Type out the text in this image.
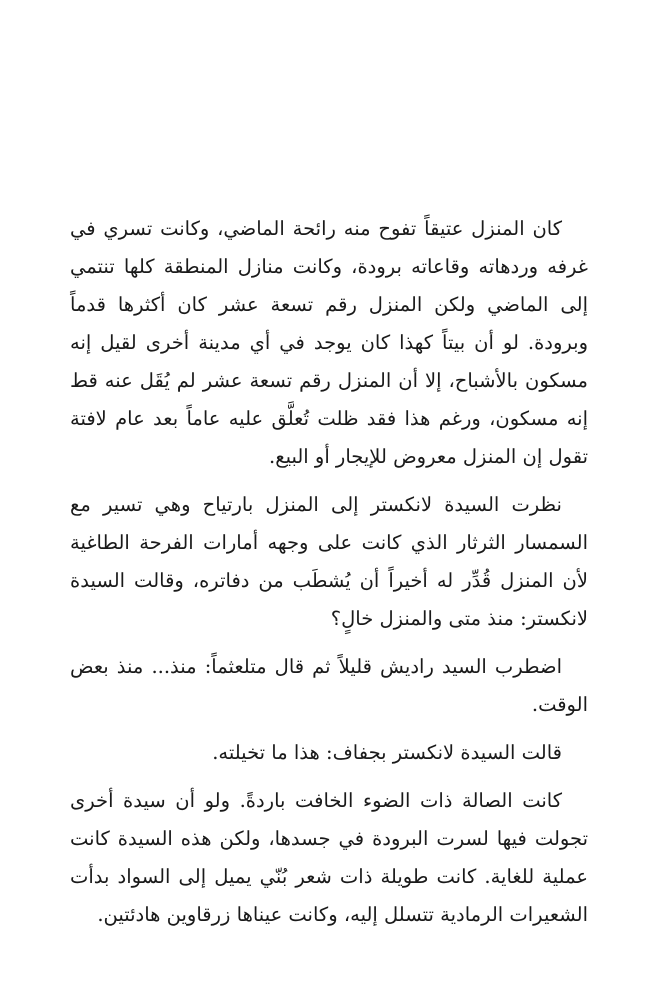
كان المنزل عتيقاً تفوح منه رائحة الماضي، وكانت تسري في غرفه وردهاته وقاعاته برودة، وكانت منازل المنطقة كلها تنتمي إلى الماضي ولكن المنزل رقم تسعة عشر كان أكثرها قدماً وبرودة. لو أن بيتاً كهذا كان يوجد في أي مدينة أخرى لقيل إنه مسكون بالأشباح، إلا أن المنزل رقم تسعة عشر لم يُقَل عنه قط إنه مسكون، ورغم هذا فقد ظلت تُعلَّق عليه عاماً بعد عام لافتة تقول إن المنزل معروض للإيجار أو البيع.

نظرت السيدة لانكستر إلى المنزل بارتياح وهي تسير مع السمسار الثرثار الذي كانت على وجهه أمارات الفرحة الطاغية لأن المنزل قُدِّر له أخيراً أن يُشطَب من دفاتره، وقالت السيدة لانكستر: منذ متى والمنزل خالٍ؟

اضطرب السيد راديش قليلاً ثم قال متلعثماً: منذ... منذ بعض الوقت.

قالت السيدة لانكستر بجفاف: هذا ما تخيلته.

كانت الصالة ذات الضوء الخافت باردةً. ولو أن سيدة أخرى تجولت فيها لسرت البرودة في جسدها، ولكن هذه السيدة كانت عملية للغاية. كانت طويلة ذات شعر بُنّي يميل إلى السواد بدأت الشعيرات الرمادية تتسلل إليه، وكانت عيناها زرقاوين هادئتين.
